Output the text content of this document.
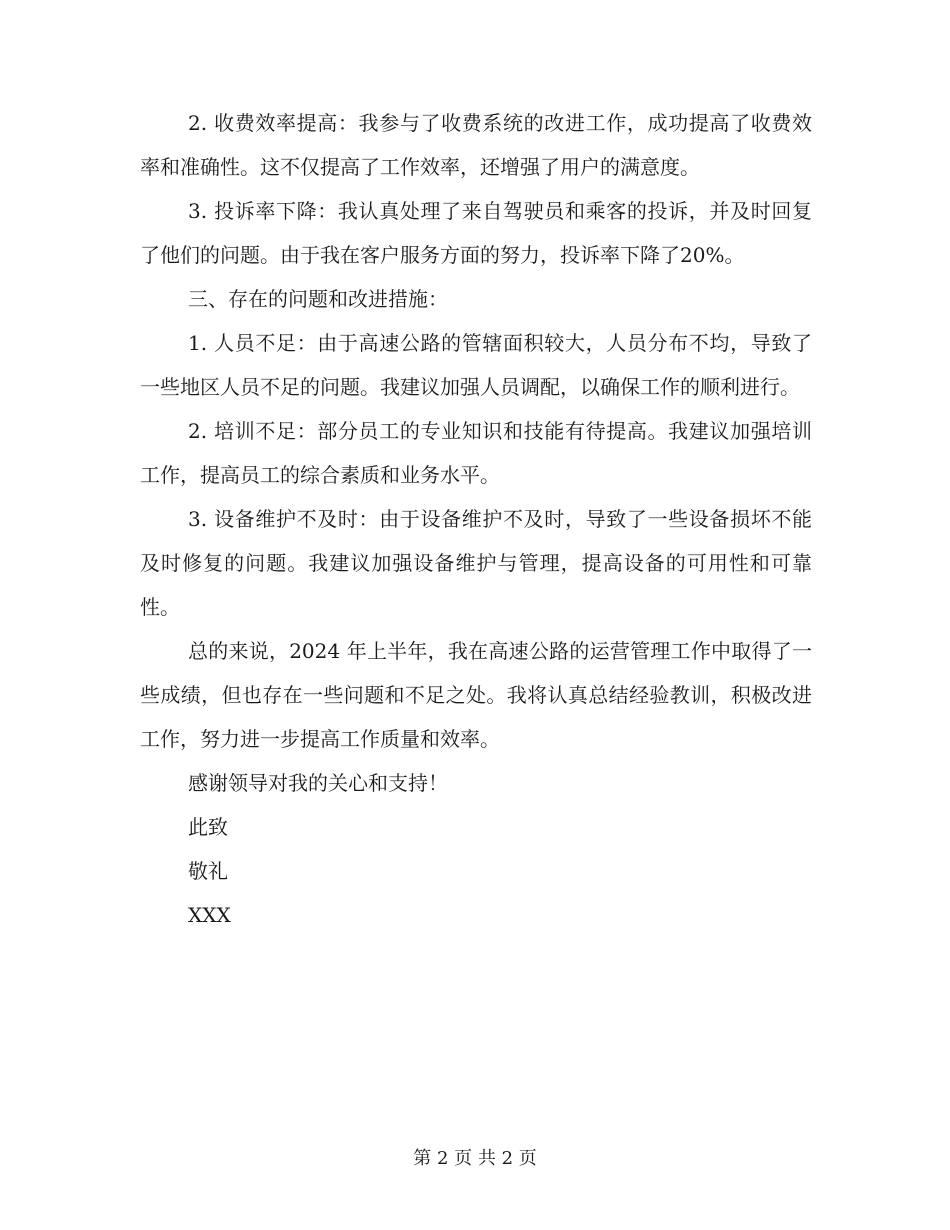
2. 收费效率提高：我参与了收费系统的改进工作，成功提高了收费效率和准确性。这不仅提高了工作效率，还增强了用户的满意度。

3. 投诉率下降：我认真处理了来自驾驶员和乘客的投诉，并及时回复了他们的问题。由于我在客户服务方面的努力，投诉率下降了20%。

三、存在的问题和改进措施：

1. 人员不足：由于高速公路的管辖面积较大，人员分布不均，导致了一些地区人员不足的问题。我建议加强人员调配，以确保工作的顺利进行。

2. 培训不足：部分员工的专业知识和技能有待提高。我建议加强培训工作，提高员工的综合素质和业务水平。

3. 设备维护不及时：由于设备维护不及时，导致了一些设备损坏不能及时修复的问题。我建议加强设备维护与管理，提高设备的可用性和可靠性。

总的来说，2024 年上半年，我在高速公路的运营管理工作中取得了一些成绩，但也存在一些问题和不足之处。我将认真总结经验教训，积极改进工作，努力进一步提高工作质量和效率。

感谢领导对我的关心和支持！

此致

敬礼

XXX

第 2 页 共 2 页
